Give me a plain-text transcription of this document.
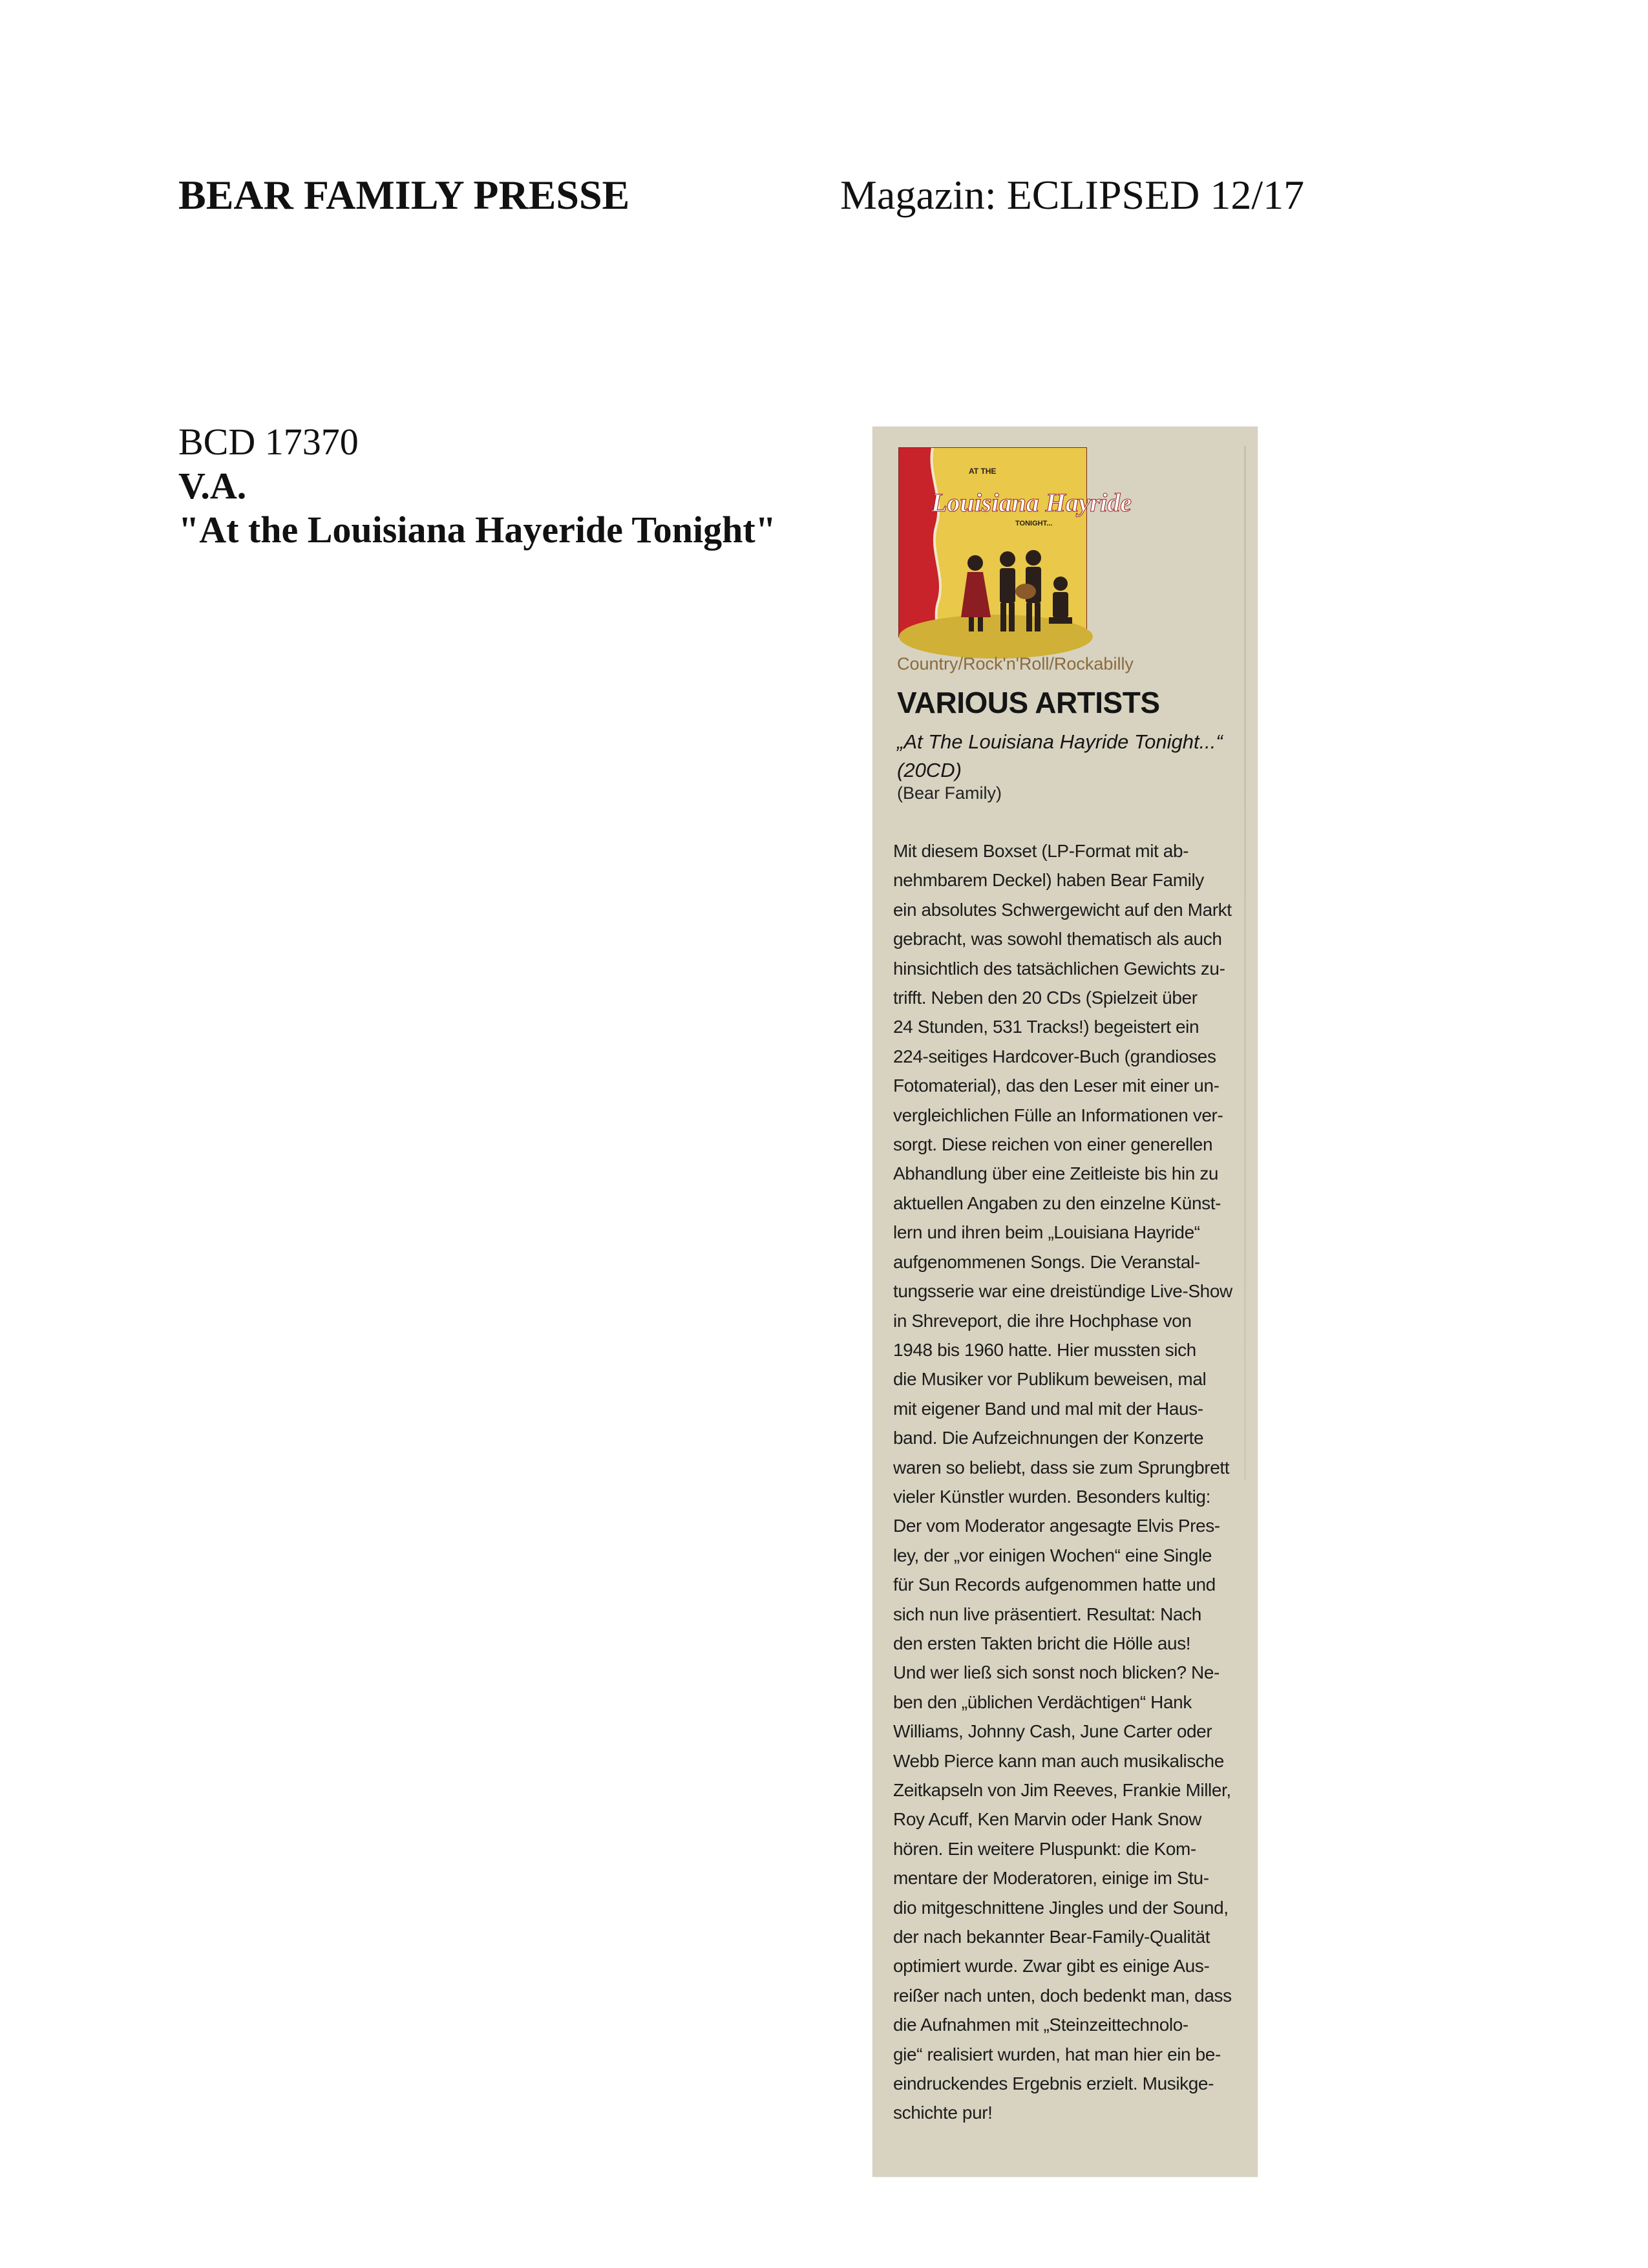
BEAR FAMILY PRESSE	Magazin: ECLIPSED 12/17
BCD 17370
V.A.
"At the Louisiana Hayeride Tonight"
AT THE
Louisiana Hayride
TONIGHT...
Country/Rock'n'Roll/Rockabilly
VARIOUS ARTISTS
„At The Louisiana Hayride Tonight...“
(20CD)
(Bear Family)
Mit diesem Boxset (LP-Format mit ab-
nehmbarem Deckel) haben Bear Family
ein absolutes Schwergewicht auf den Markt
gebracht, was sowohl thematisch als auch
hinsichtlich des tatsächlichen Gewichts zu-
trifft. Neben den 20 CDs (Spielzeit über
24 Stunden, 531 Tracks!) begeistert ein
224-seitiges Hardcover-Buch (grandioses
Fotomaterial), das den Leser mit einer un-
vergleichlichen Fülle an Informationen ver-
sorgt. Diese reichen von einer generellen
Abhandlung über eine Zeitleiste bis hin zu
aktuellen Angaben zu den einzelne Künst-
lern und ihren beim „Louisiana Hayride“
aufgenommenen Songs. Die Veranstal-
tungsserie war eine dreistündige Live-Show
in Shreveport, die ihre Hochphase von
1948 bis 1960 hatte. Hier mussten sich
die Musiker vor Publikum beweisen, mal
mit eigener Band und mal mit der Haus-
band. Die Aufzeichnungen der Konzerte
waren so beliebt, dass sie zum Sprungbrett
vieler Künstler wurden. Besonders kultig:
Der vom Moderator angesagte Elvis Pres-
ley, der „vor einigen Wochen“ eine Single
für Sun Records aufgenommen hatte und
sich nun live präsentiert. Resultat: Nach
den ersten Takten bricht die Hölle aus!
Und wer ließ sich sonst noch blicken? Ne-
ben den „üblichen Verdächtigen“ Hank
Williams, Johnny Cash, June Carter oder
Webb Pierce kann man auch musikalische
Zeitkapseln von Jim Reeves, Frankie Miller,
Roy Acuff, Ken Marvin oder Hank Snow
hören. Ein weitere Pluspunkt: die Kom-
mentare der Moderatoren, einige im Stu-
dio mitgeschnittene Jingles und der Sound,
der nach bekannter Bear-Family-Qualität
optimiert wurde. Zwar gibt es einige Aus-
reißer nach unten, doch bedenkt man, dass
die Aufnahmen mit „Steinzeittechnolo-
gie“ realisiert wurden, hat man hier ein be-
eindruckendes Ergebnis erzielt. Musikge-
schichte pur!
